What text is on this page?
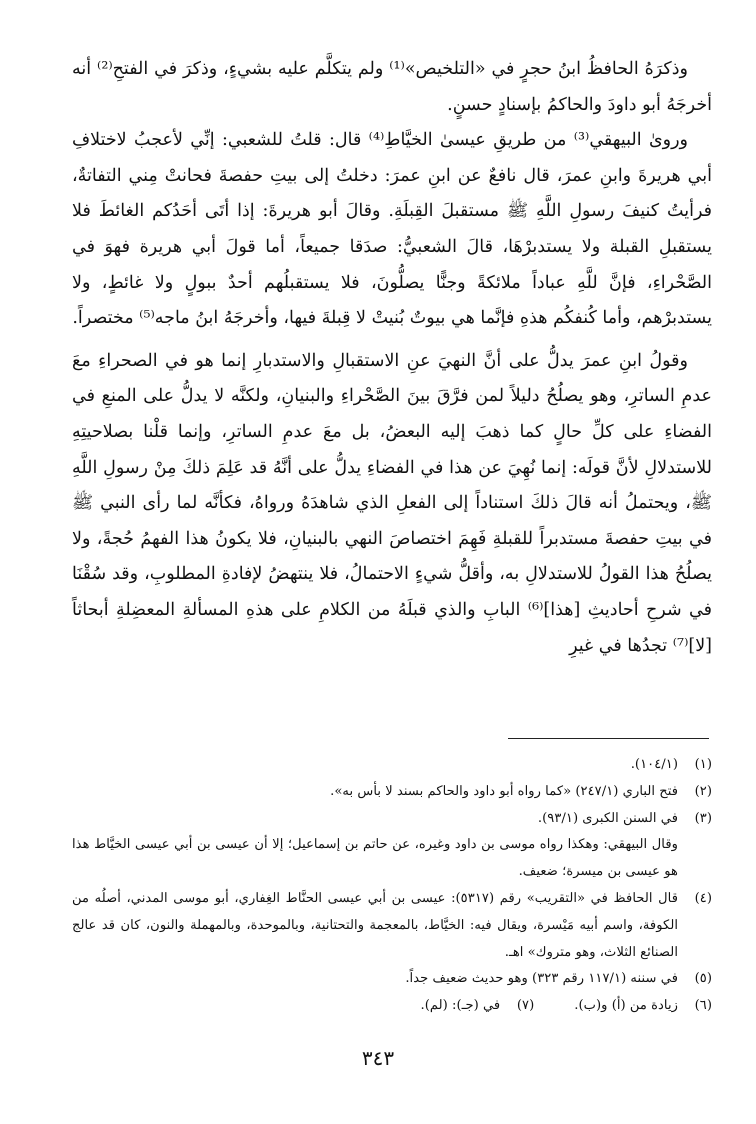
وذكرَهُ الحافظُ ابنُ حجرٍ في «التلخيص»⁽¹⁾ ولم يتكلَّم عليه بشيءٍ، وذكرَ في الفتحِ⁽²⁾ أنه أخرجَهُ أبو داودَ والحاكمُ بإسنادٍ حسنٍ.

وروىٰ البيهقي⁽³⁾ من طريقِ عيسىٰ الخيَّاطِ⁽⁴⁾ قال: قلتُ للشعبي: إنِّي لأعجبُ لاختلافِ أبي هريرةَ وابنِ عمرَ، قال نافعٌ عن ابنِ عمرَ: دخلتُ إلى بيتِ حفصةَ فحانتْ مِني التفاتةٌ، فرأيتُ كنيفَ رسولِ اللَّهِ ﷺ مستقبلَ القِبلَةِ. وقالَ أبو هريرةَ: إذا أتَى أحَدُكم الغائطَ فلا يستقبلِ القبلة ولا يستدبرْهَا، قالَ الشعبيُّ: صدَقا جميعاً، أما قولَ أبي هريرة فهوَ في الصَّحْراءِ، فإنَّ للَّهِ عباداً ملائكةً وجنًّا يصلُّونَ، فلا يستقبلُهم أحدٌ ببولٍ ولا غائطٍ، ولا يستدبرْهم، وأما كُنفكُم هذهِ فإنَّما هي بيوتٌ بُنيتْ لا قِبلةَ فيها، وأخرجَهُ ابنُ ماجه⁽⁵⁾ مختصراً.

وقولُ ابنِ عمرَ يدلُّ على أنَّ النهيَ عنِ الاستقبالِ والاستدبارِ إنما هو في الصحراءِ معَ عدمِ الساترِ، وهو يصلُحُ دليلاً لمن فرَّقَ بينَ الصَّحْراءِ والبنيانِ، ولكنَّه لا يدلُّ على المنعِ في الفضاءِ على كلِّ حالٍ كما ذهبَ إليه البعضُ، بل معَ عدمِ الساترِ، وإنما قلْنا بصلاحيتِهِ للاستدلالِ لأنَّ قولَه: إنما نُهِيَ عن هذا في الفضاءِ يدلُّ على أنَّهُ قد عَلِمَ ذلكَ مِنْ رسولِ اللَّهِ ﷺ، ويحتملُ أنه قالَ ذلكَ استناداً إلى الفعلِ الذي شاهدَهُ ورواهُ، فكأنَّه لما رأى النبي ﷺ في بيتِ حفصةَ مستدبراً للقبلةِ فَهِمَ اختصاصَ النهي بالبنيانِ، فلا يكونُ هذا الفهمُ حُجةً، ولا يصلُحُ هذا القولُ للاستدلالِ به، وأقلُّ شيءٍ الاحتمالُ، فلا ينتهضُ لإفادةِ المطلوبِ، وقد سُقْنَا في شرحِ أحاديثِ [هذا]⁽⁶⁾ البابِ والذي قبلَهُ من الكلامِ على هذهِ المسألةِ المعضِلةِ أبحاثاً [لا]⁽⁷⁾ تجدُها في غيرِ

(١)
(١٠٤/١).
(٢)
فتح الباري (٢٤٧/١) «كما رواه أبو داود والحاكم بسند لا بأس به».
(٣)
في السنن الكبرى (٩٣/١).

وقال البيهقي: وهكذا رواه موسى بن داود وغيره، عن حاتم بن إسماعيل؛ إلا أن عيسى بن أبي عيسى الخيَّاط هذا هو عيسى بن ميسرة؛ ضعيف.

(٤)
قال الحافظ في «التقريب» رقم (٥٣١٧): عيسى بن أبي عيسى الحنَّاط الغِفاري، أبو موسى المدني، أصلُه من الكوفة، واسم أبيه مَيْسرة، ويقال فيه: الخيَّاط، بالمعجمة والتحتانية، وبالموحدة، وبالمهملة والنون، كان قد عالج الصنائع الثلاث، وهو متروك» اهـ.
(٥)
في سننه (١١٧/١ رقم ٣٢٣) وهو حديث ضعيف جداً.
(٦)
زيادة من (أ) و(ب).
(٧)
في (جـ): (لم).
٣٤٣
